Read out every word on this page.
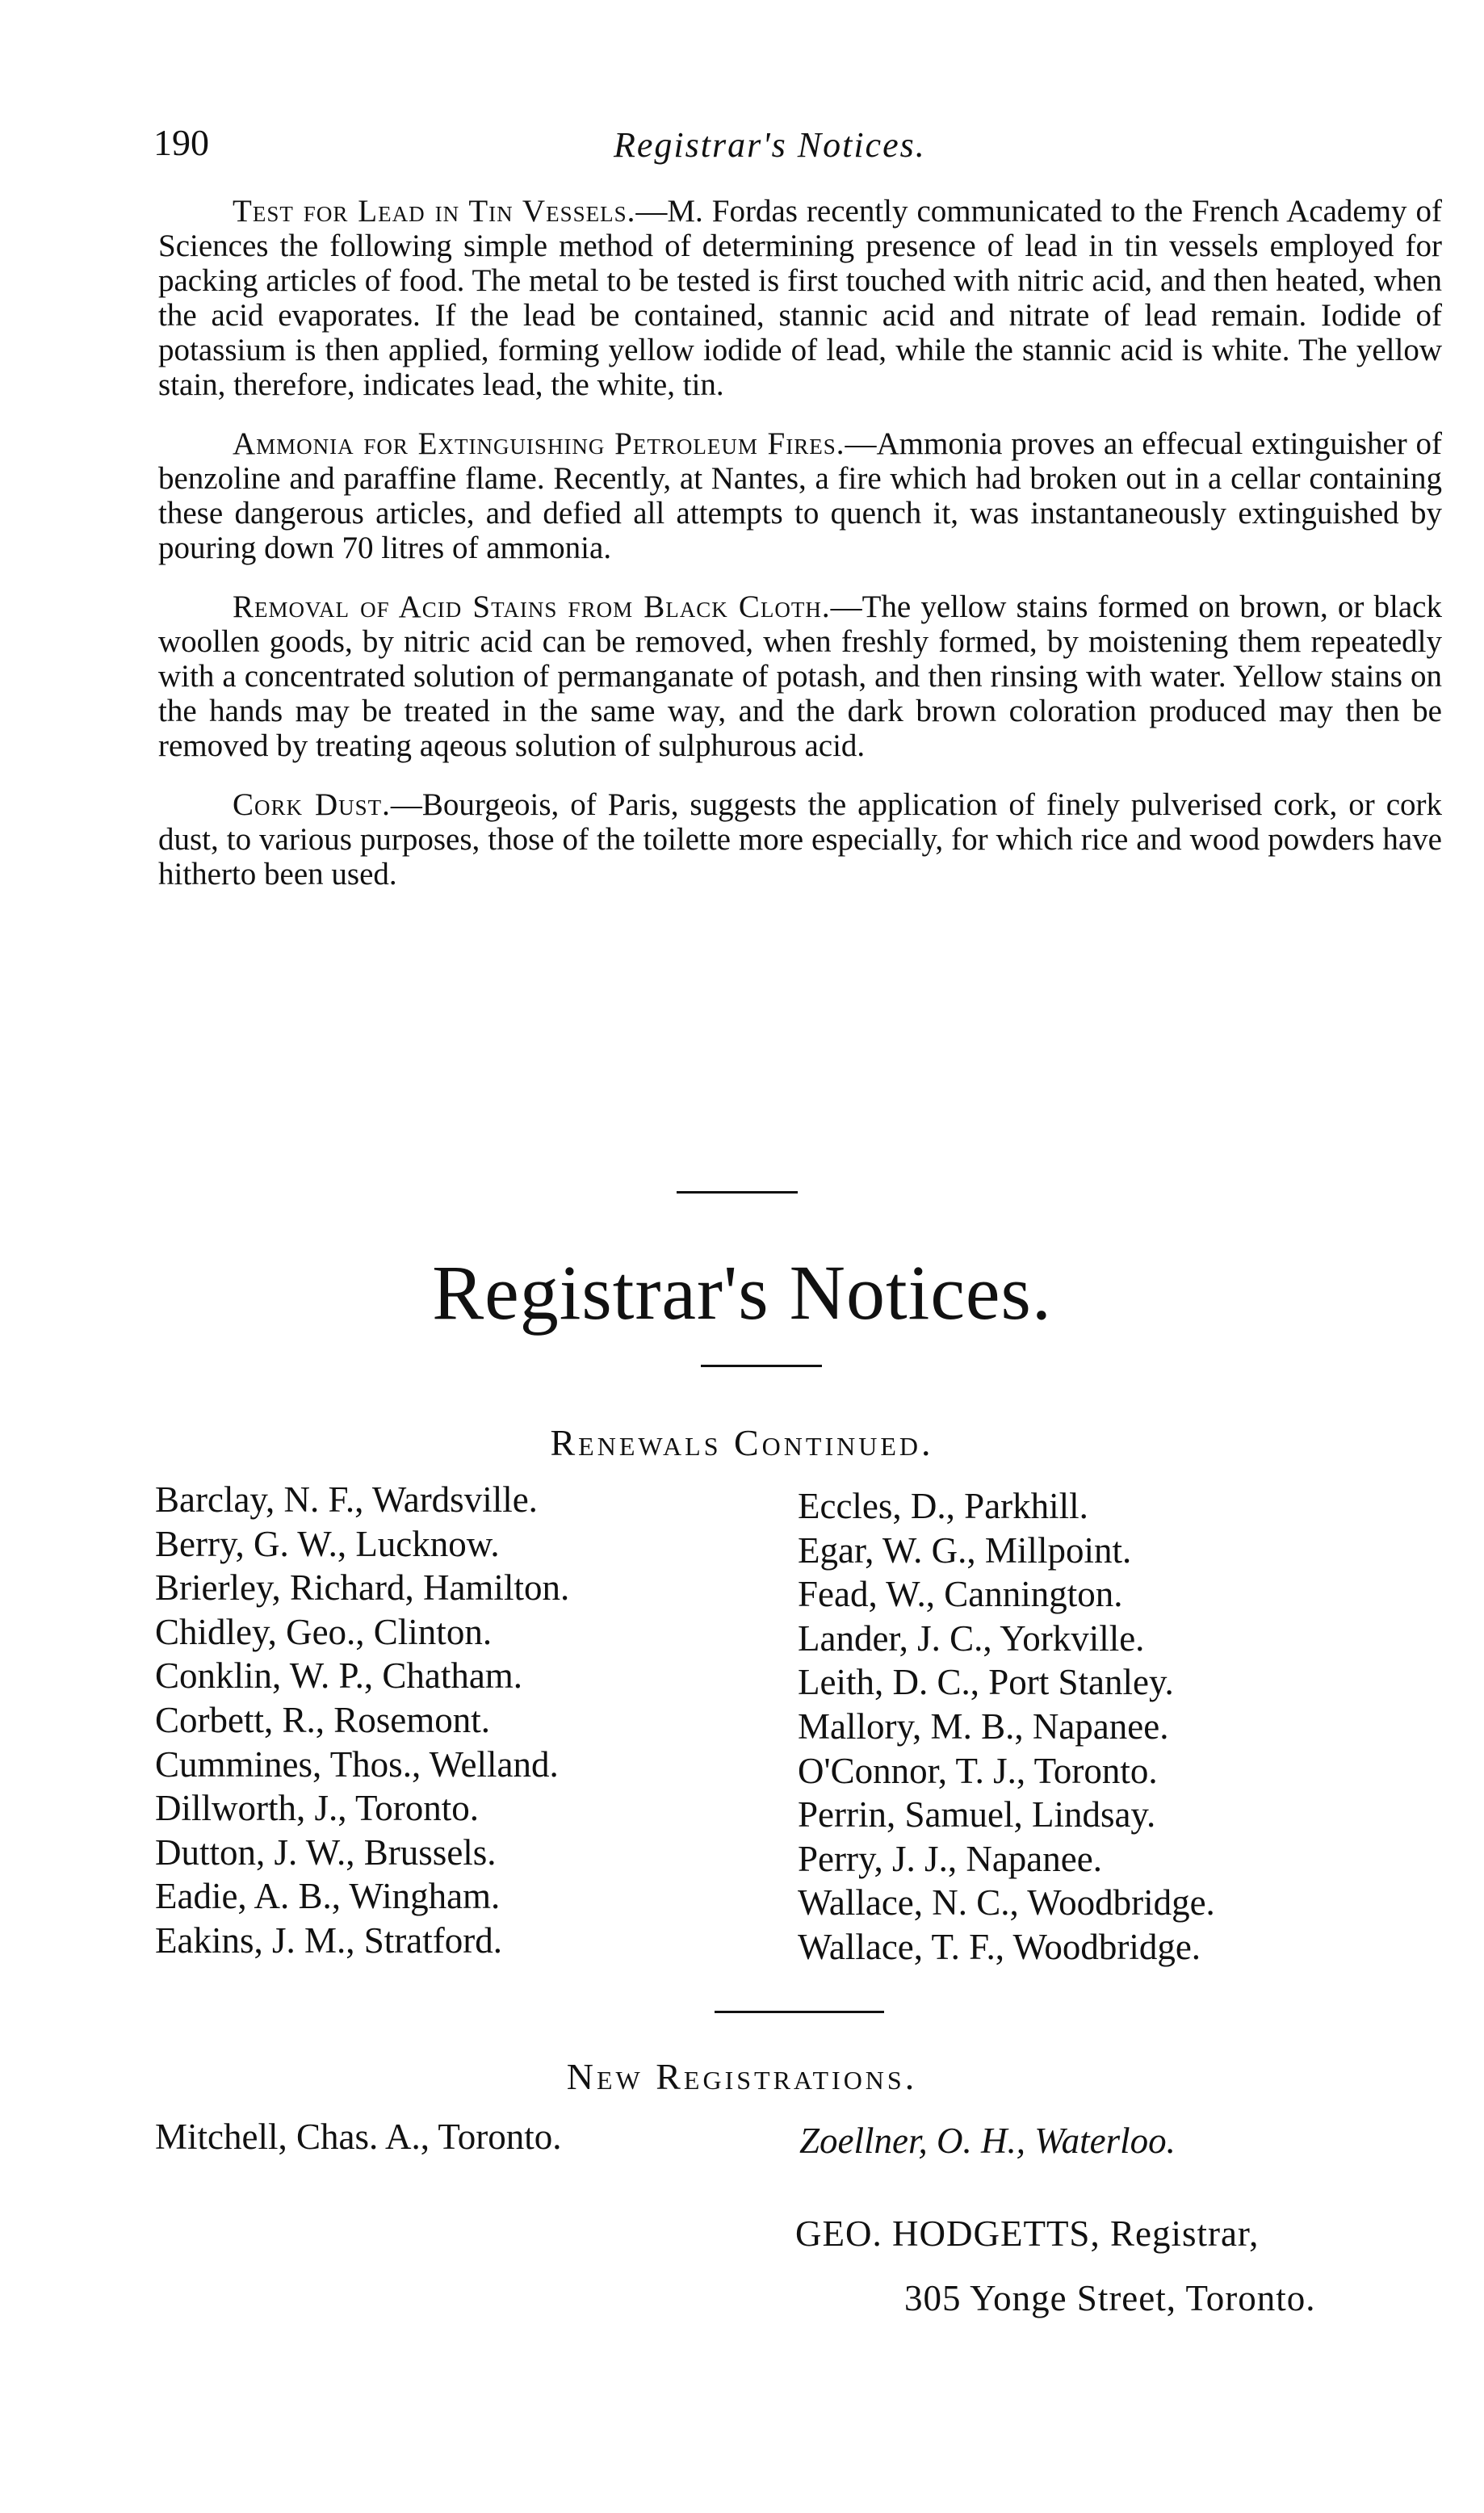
190	Registrar's Notices.

Test for Lead in Tin Vessels.—M. Fordas recently communicated to the French Academy of Sciences the following simple method of determining presence of lead in tin vessels employed for packing articles of food. The metal to be tested is first touched with nitric acid, and then heated, when the acid evaporates. If the lead be contained, stannic acid and nitrate of lead remain. Iodide of potassium is then applied, forming yellow iodide of lead, while the stannic acid is white. The yellow stain, therefore, indicates lead, the white, tin.

Ammonia for Extinguishing Petroleum Fires.—Ammonia proves an effecual extinguisher of benzoline and paraffine flame. Recently, at Nantes, a fire which had broken out in a cellar containing these dangerous articles, and defied all attempts to quench it, was instantaneously extinguished by pouring down 70 litres of ammonia.

Removal of Acid Stains from Black Cloth.—The yellow stains formed on brown, or black woollen goods, by nitric acid can be removed, when freshly formed, by moistening them repeatedly with a concentrated solution of permanganate of potash, and then rinsing with water. Yellow stains on the hands may be treated in the same way, and the dark brown coloration produced may then be removed by treating aqeous solution of sulphurous acid.

Cork Dust.—Bourgeois, of Paris, suggests the application of finely pulverised cork, or cork dust, to various purposes, those of the toilette more especially, for which rice and wood powders have hitherto been used.

Registrar's Notices.
Renewals Continued.
Barclay, N. F., Wardsville.
Berry, G. W., Lucknow.
Brierley, Richard, Hamilton.
Chidley, Geo., Clinton.
Conklin, W. P., Chatham.
Corbett, R., Rosemont.
Cummines, Thos., Welland.
Dillworth, J., Toronto.
Dutton, J. W., Brussels.
Eadie, A. B., Wingham.
Eakins, J. M., Stratford.
Eccles, D., Parkhill.
Egar, W. G., Millpoint.
Fead, W., Cannington.
Lander, J. C., Yorkville.
Leith, D. C., Port Stanley.
Mallory, M. B., Napanee.
O'Connor, T. J., Toronto.
Perrin, Samuel, Lindsay.
Perry, J. J., Napanee.
Wallace, N. C., Woodbridge.
Wallace, T. F., Woodbridge.
New Registrations.
Mitchell, Chas. A., Toronto.	Zoellner, O. H., Waterloo.
GEO. HODGETTS, Registrar,
305 Yonge Street, Toronto.
